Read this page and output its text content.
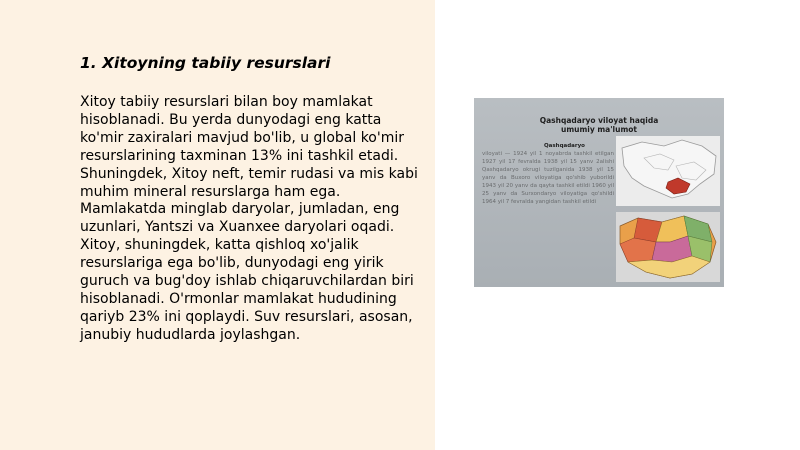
1. Xitoyning tabiiy resurslari

Xitoy tabiiy resurslari bilan boy mamlakat hisoblanadi. Bu yerda dunyodagi eng katta ko'mir zaxiralari mavjud bo'lib, u global ko'mir resurslarining taxminan 13% ini tashkil etadi. Shuningdek, Xitoy neft, temir rudasi va mis kabi muhim mineral resurslarga ham ega. Mamlakatda minglab daryolar, jumladan, eng uzunlari, Yantszi va Xuanxee daryolari oqadi. Xitoy, shuningdek, katta qishloq xo'jalik resurslariga ega bo'lib, dunyodagi eng yirik guruch va bug'doy ishlab chiqaruvchilardan biri hisoblanadi. O'rmonlar mamlakat hududining qariyb 23% ini qoplaydi. Suv resurslari, asosan, janubiy hududlarda joylashgan.

Qashqadaryo viloyat haqida
umumiy ma'lumot
Qashqadaryo
viloyati — 1924 yil 1 noyabrda tashkil etilgan 1927 yil 17 fevralda 1938 yil 15 yanv 2alishi Qashqadaryo okrugi tuzilganida 1938 yil 15 yanv da Buxoro viloyatiga qo'shib yuborildi 1943 yil 20 yanv da qayta tashkil etildi 1960 yil 25 yanv da Surxondaryo viloyatiga qo'shildi 1964 yil 7 fevralda yangidan tashkil etildi
